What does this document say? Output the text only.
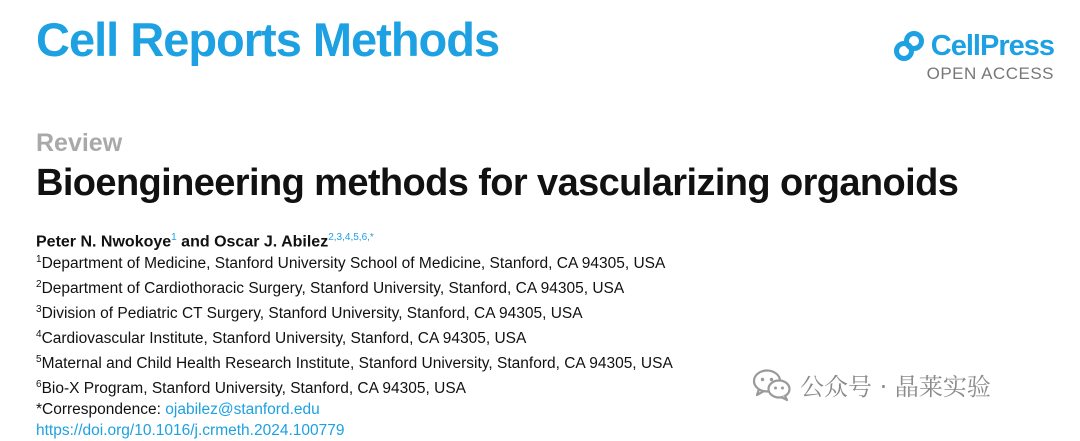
Cell Reports Methods	CellPress
OPEN ACCESS
Review
Bioengineering methods for vascularizing organoids
Peter N. Nwokoye$^1$ and Oscar J. Abilez$^{2,3,4,5,6,*}$
$^1$Department of Medicine, Stanford University School of Medicine, Stanford, CA 94305, USA
$^2$Department of Cardiothoracic Surgery, Stanford University, Stanford, CA 94305, USA
$^3$Division of Pediatric CT Surgery, Stanford University, Stanford, CA 94305, USA
$^4$Cardiovascular Institute, Stanford University, Stanford, CA 94305, USA
$^5$Maternal and Child Health Research Institute, Stanford University, Stanford, CA 94305, USA
$^6$Bio-X Program, Stanford University, Stanford, CA 94305, USA
*Correspondence: ojabilez@stanford.edu
https://doi.org/10.1016/j.crmeth.2024.100779
公众号 · 晶莱实验
